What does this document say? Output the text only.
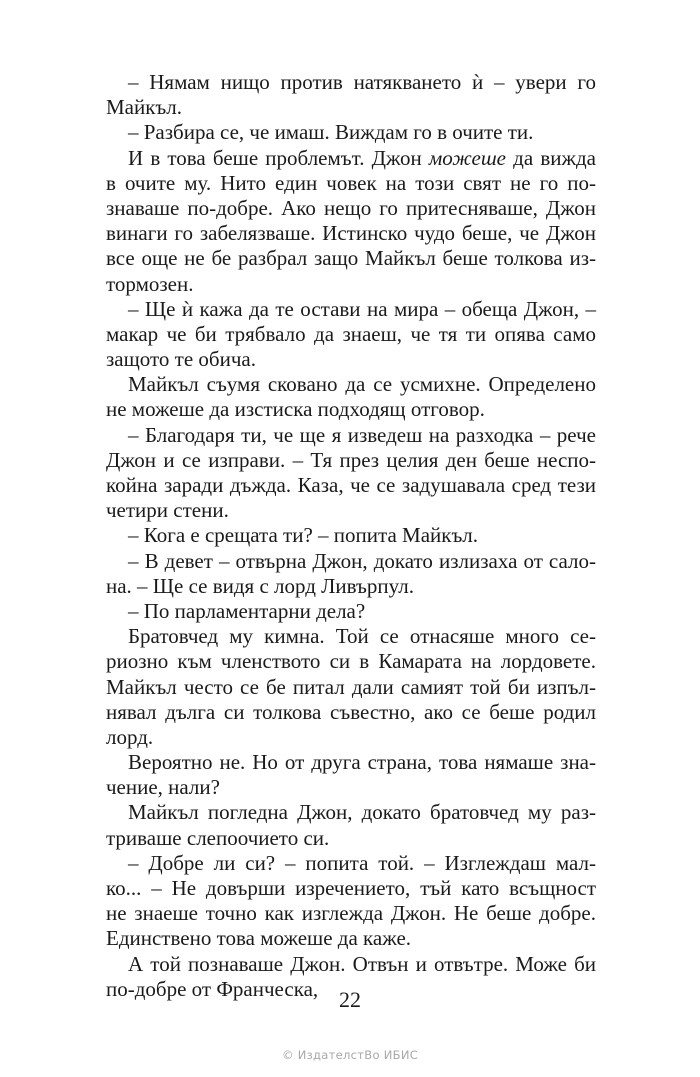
– Нямам нищо против натякването ѝ – увери го
Майкъл.
– Разбира се, че имаш. Виждам го в очите ти.
И в това беше проблемът. Джон можеше да вижда
в очите му. Нито един човек на този свят не го по-
знаваше по-добре. Ако нещо го притесняваше, Джон
винаги го забелязваше. Истинско чудо беше, че Джон
все още не бе разбрал защо Майкъл беше толкова из-
тормозен.
– Ще ѝ кажа да те остави на мира – обеща Джон, –
макар че би трябвало да знаеш, че тя ти опява само
защото те обича.
Майкъл съумя сковано да се усмихне. Определено
не можеше да изстиска подходящ отговор.
– Благодаря ти, че ще я изведеш на разходка – рече
Джон и се изправи. – Тя през целия ден беше неспо-
койна заради дъжда. Каза, че се задушавала сред тези
четири стени.
– Кога е срещата ти? – попита Майкъл.
– В девет – отвърна Джон, докато излизаха от сало-
на. – Ще се видя с лорд Ливърпул.
– По парламентарни дела?
Братовчед му кимна. Той се отнасяше много се-
риозно към членството си в Камарата на лордовете.
Майкъл често се бе питал дали самият той би изпъл-
нявал дълга си толкова съвестно, ако се беше родил
лорд.
Вероятно не. Но от друга страна, това нямаше зна-
чение, нали?
Майкъл погледна Джон, докато братовчед му раз-
триваше слепоочието си.
– Добре ли си? – попита той. – Изглеждаш мал-
ко... – Не довърши изречението, тъй като всъщност
не знаеше точно как изглежда Джон. Не беше добре.
Единствено това можеше да каже.
А той познаваше Джон. Отвън и отвътре. Може би
по-добре от Франческа, 22
© ИздателстВо ИБИС
